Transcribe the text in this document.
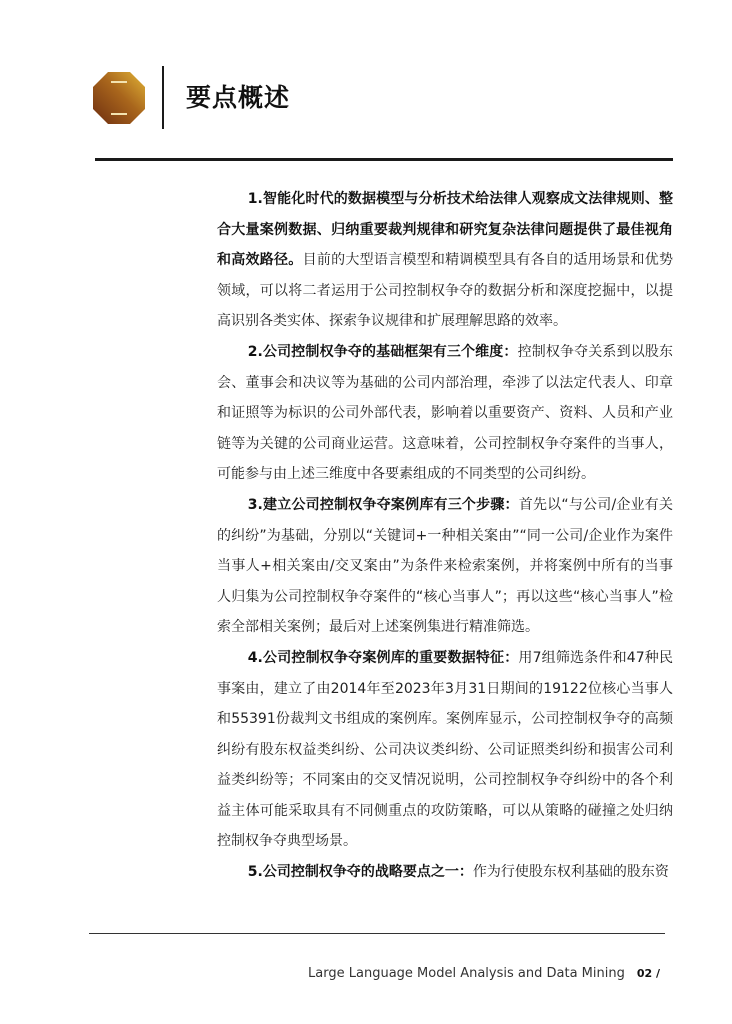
要点概述

1.智能化时代的数据模型与分析技术给法律人观察成文法律规则、整合大量案例数据、归纳重要裁判规律和研究复杂法律问题提供了最佳视角和高效路径。目前的大型语言模型和精调模型具有各自的适用场景和优势领域，可以将二者运用于公司控制权争夺的数据分析和深度挖掘中，以提高识别各类实体、探索争议规律和扩展理解思路的效率。

2.公司控制权争夺的基础框架有三个维度：控制权争夺关系到以股东会、董事会和决议等为基础的公司内部治理，牵涉了以法定代表人、印章和证照等为标识的公司外部代表，影响着以重要资产、资料、人员和产业链等为关键的公司商业运营。这意味着，公司控制权争夺案件的当事人，可能参与由上述三维度中各要素组成的不同类型的公司纠纷。

3.建立公司控制权争夺案例库有三个步骤：首先以“与公司/企业有关的纠纷”为基础，分别以“关键词+一种相关案由”“同一公司/企业作为案件当事人+相关案由/交叉案由”为条件来检索案例，并将案例中所有的当事人归集为公司控制权争夺案件的“核心当事人”；再以这些“核心当事人”检索全部相关案例；最后对上述案例集进行精准筛选。

4.公司控制权争夺案例库的重要数据特征：用7组筛选条件和47种民事案由，建立了由2014年至2023年3月31日期间的19122位核心当事人和55391份裁判文书组成的案例库。案例库显示，公司控制权争夺的高频纠纷有股东权益类纠纷、公司决议类纠纷、公司证照类纠纷和损害公司利益类纠纷等；不同案由的交叉情况说明，公司控制权争夺纠纷中的各个利益主体可能采取具有不同侧重点的攻防策略，可以从策略的碰撞之处归纳控制权争夺典型场景。

5.公司控制权争夺的战略要点之一：作为行使股东权利基础的股东资

Large Language Model Analysis and Data Mining 02 /
